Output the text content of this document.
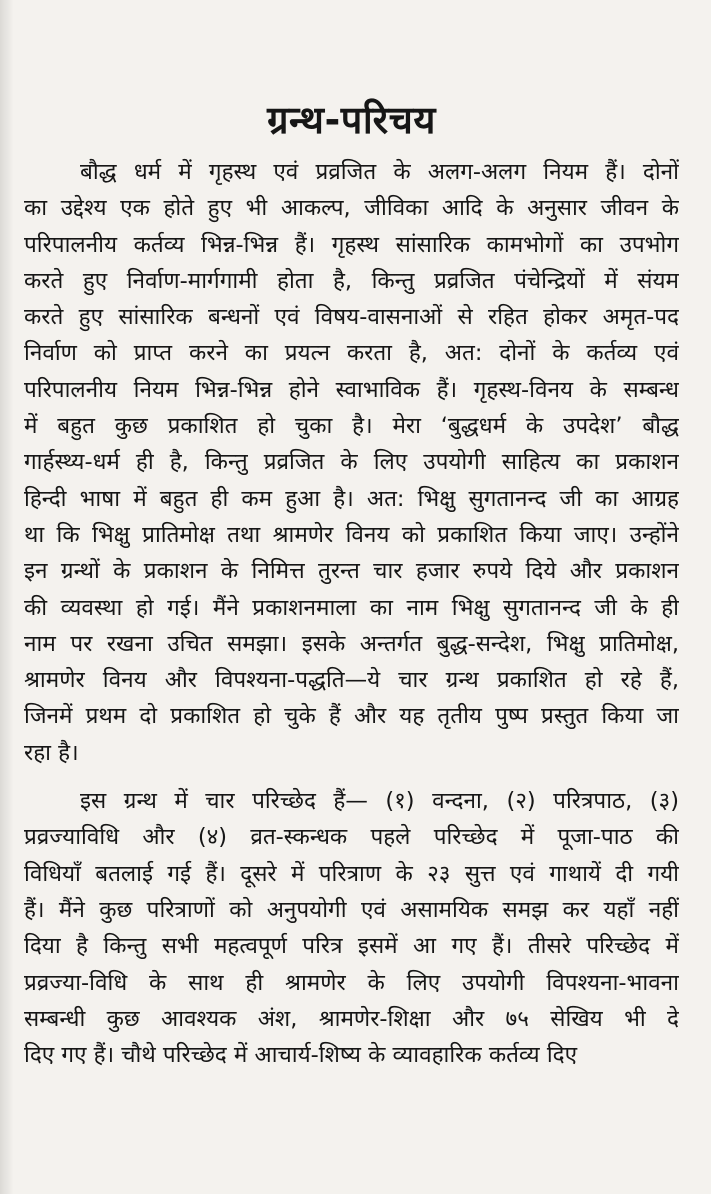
ग्रन्थ-परिचय
बौद्ध धर्म में गृहस्थ एवं प्रव्रजित के अलग-अलग नियम हैं। दोनों
का उद्देश्य एक होते हुए भी आकल्प, जीविका आदि के अनुसार जीवन के
परिपालनीय कर्तव्य भिन्न-भिन्न हैं। गृहस्थ सांसारिक कामभोगों का उपभोग
करते हुए निर्वाण-मार्गगामी होता है, किन्तु प्रव्रजित पंचेन्द्रियों में संयम
करते हुए सांसारिक बन्धनों एवं विषय-वासनाओं से रहित होकर अमृत-पद
निर्वाण को प्राप्त करने का प्रयत्न करता है, अत: दोनों के कर्तव्य एवं
परिपालनीय नियम भिन्न-भिन्न होने स्वाभाविक हैं। गृहस्थ-विनय के सम्बन्ध
में बहुत कुछ प्रकाशित हो चुका है। मेरा ‘बुद्धधर्म के उपदेश’ बौद्ध
गार्हस्थ्य-धर्म ही है, किन्तु प्रव्रजित के लिए उपयोगी साहित्य का प्रकाशन
हिन्दी भाषा में बहुत ही कम हुआ है। अत: भिक्षु सुगतानन्द जी का आग्रह
था कि भिक्षु प्रातिमोक्ष तथा श्रामणेर विनय को प्रकाशित किया जाए। उन्होंने
इन ग्रन्थों के प्रकाशन के निमित्त तुरन्त चार हजार रुपये दिये और प्रकाशन
की व्यवस्था हो गई। मैंने प्रकाशनमाला का नाम भिक्षु सुगतानन्द जी के ही
नाम पर रखना उचित समझा। इसके अन्तर्गत बुद्ध-सन्देश, भिक्षु प्रातिमोक्ष,
श्रामणेर विनय और विपश्यना-पद्धति—ये चार ग्रन्थ प्रकाशित हो रहे हैं,
जिनमें प्रथम दो प्रकाशित हो चुके हैं और यह तृतीय पुष्प प्रस्तुत किया जा
रहा है।
इस ग्रन्थ में चार परिच्छेद हैं— (१) वन्दना, (२) परित्रपाठ, (३)
प्रव्रज्याविधि और (४) व्रत-स्कन्धक पहले परिच्छेद में पूजा-पाठ की
विधियाँ बतलाई गई हैं। दूसरे में परित्राण के २३ सुत्त एवं गाथायें दी गयी
हैं। मैंने कुछ परित्राणों को अनुपयोगी एवं असामयिक समझ कर यहाँ नहीं
दिया है किन्तु सभी महत्वपूर्ण परित्र इसमें आ गए हैं। तीसरे परिच्छेद में
प्रव्रज्या-विधि के साथ ही श्रामणेर के लिए उपयोगी विपश्यना-भावना
सम्बन्धी कुछ आवश्यक अंश, श्रामणेर-शिक्षा और ७५ सेखिय भी दे
दिए गए हैं। चौथे परिच्छेद में आचार्य-शिष्य के व्यावहारिक कर्तव्य दिए
